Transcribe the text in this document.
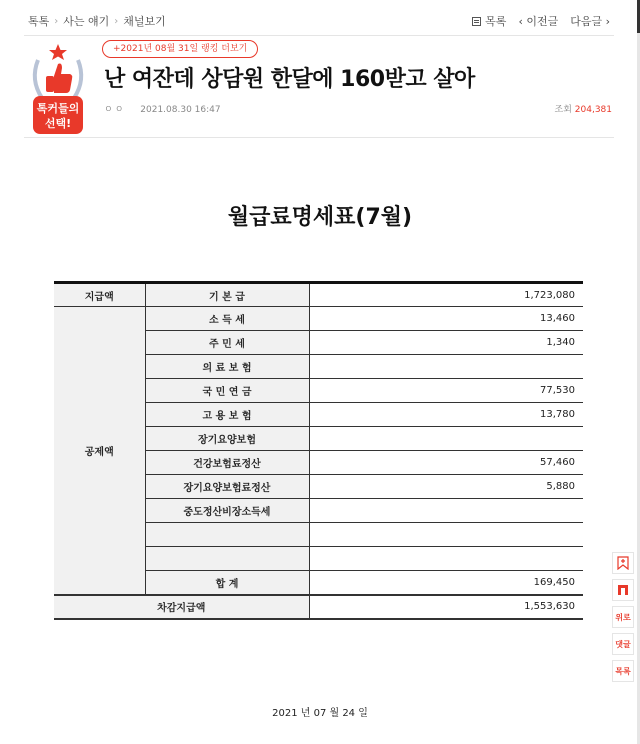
톡톡 › 사는 얘기 › 채널보기	목록 ‹ 이전글 다음글 ›
톡커들의
선택!
+2021년 08월 31일 랭킹 더보기
난 여잔데 상담원 한달에 160받고 살아
ㅇㅇ 2021.08.30 16:47	조회 204,381
월급료명세표(7월)
지급액	기 본 급	1,723,080
공제액	소 득 세	13,460
	주 민 세	1,340
	의 료 보 험	
	국 민 연 금	77,530
	고 용 보 험	13,780
	장기요양보험	
	건강보험료정산	57,460
	장기요양보험료정산	5,880
	중도정산비장소득세	

	합 계	169,450
차감지급액		1,553,630
2021 년 07 월 24 일
위로
댓글
목록
